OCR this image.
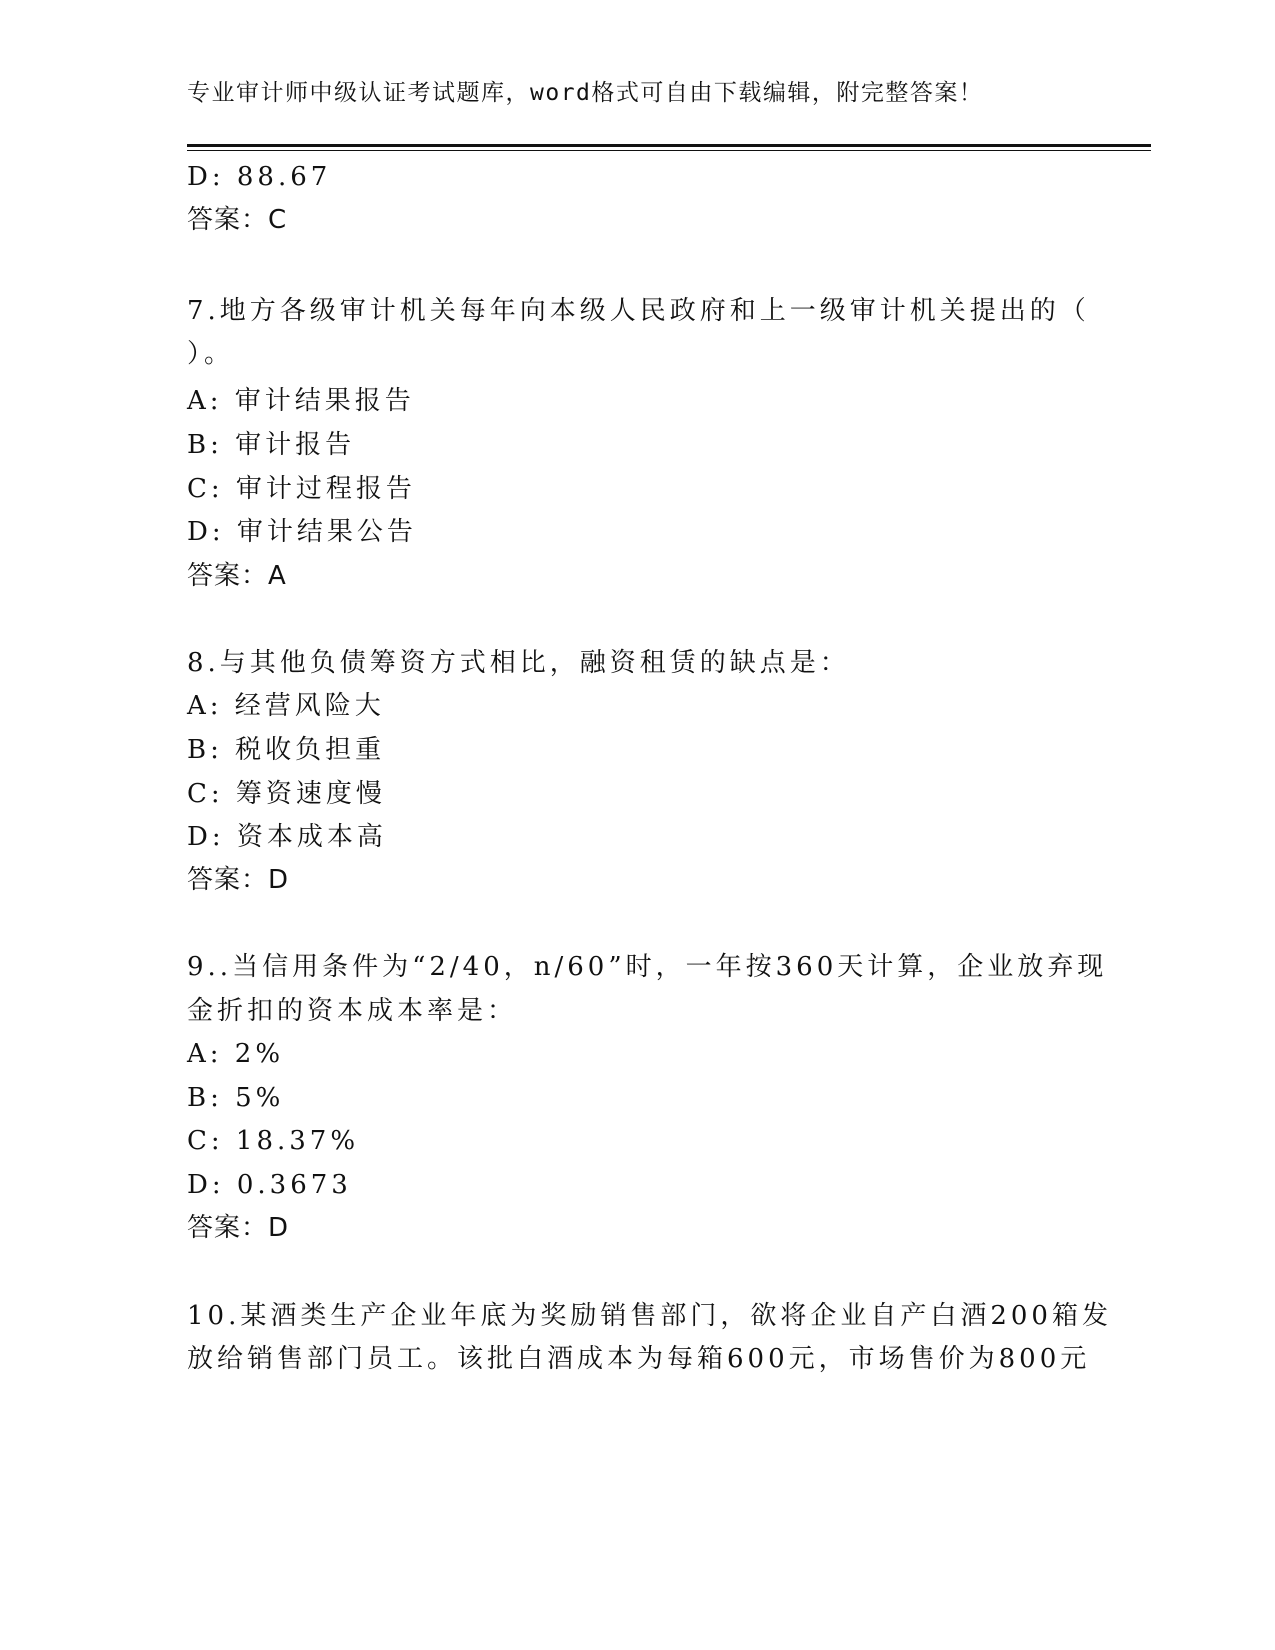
专业审计师中级认证考试题库，word格式可自由下载编辑，附完整答案！
D: 88.67
答案：C
7.地方各级审计机关每年向本级人民政府和上一级审计机关提出的（
）。
A: 审计结果报告
B: 审计报告
C: 审计过程报告
D: 审计结果公告
答案：A
8.与其他负债筹资方式相比，融资租赁的缺点是：
A: 经营风险大
B: 税收负担重
C: 筹资速度慢
D: 资本成本高
答案：D
9..当信用条件为“2/40，n/60”时，一年按360天计算，企业放弃现
金折扣的资本成本率是：
A: 2%
B: 5%
C: 18.37%
D: 0.3673
答案：D
10.某酒类生产企业年底为奖励销售部门，欲将企业自产白酒200箱发
放给销售部门员工。该批白酒成本为每箱600元，市场售价为800元
